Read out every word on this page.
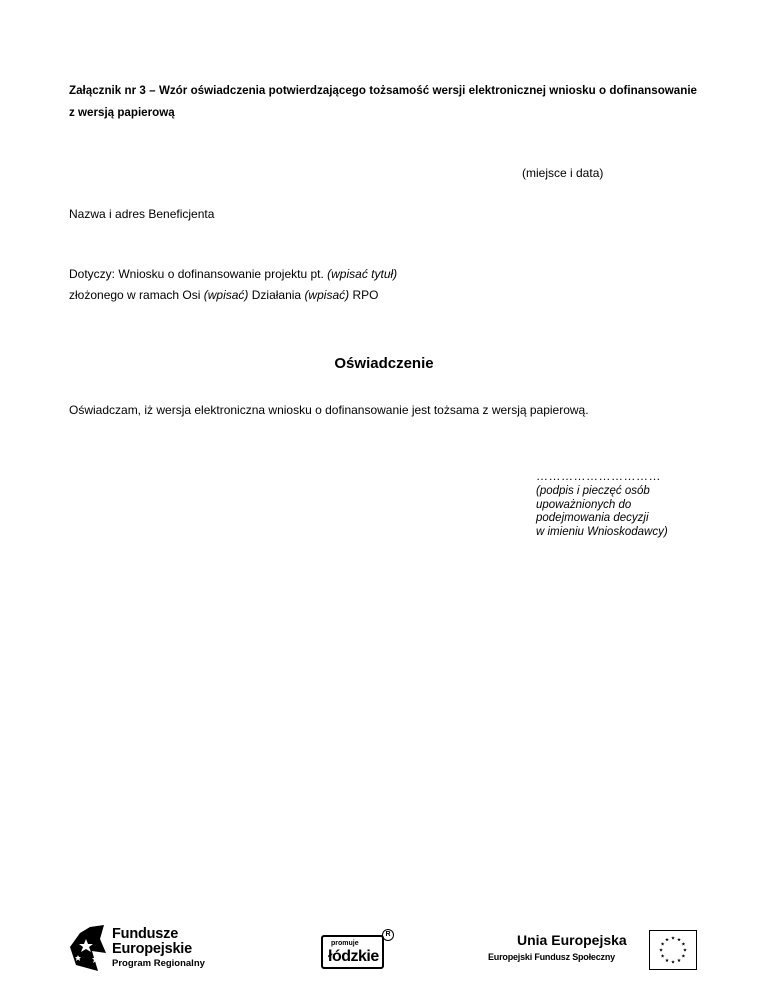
Załącznik nr 3 – Wzór oświadczenia potwierdzającego tożsamość wersji elektronicznej wniosku o dofinansowanie z wersją papierową
(miejsce i data)
Nazwa i adres Beneficjenta
Dotyczy: Wniosku o dofinansowanie projektu pt. (wpisać tytuł)
złożonego w ramach Osi (wpisać) Działania (wpisać) RPO
Oświadczenie
Oświadczam, iż wersja elektroniczna wniosku o dofinansowanie jest tożsama z wersją papierową.
…………………………
(podpis i pieczęć osób
upoważnionych do
podejmowania decyzji
w imieniu Wnioskodawcy)
Fundusze
Europejskie
Program Regionalny
promuje
łódzkie
R	Unia Europejska
Europejski Fundusz Społeczny
